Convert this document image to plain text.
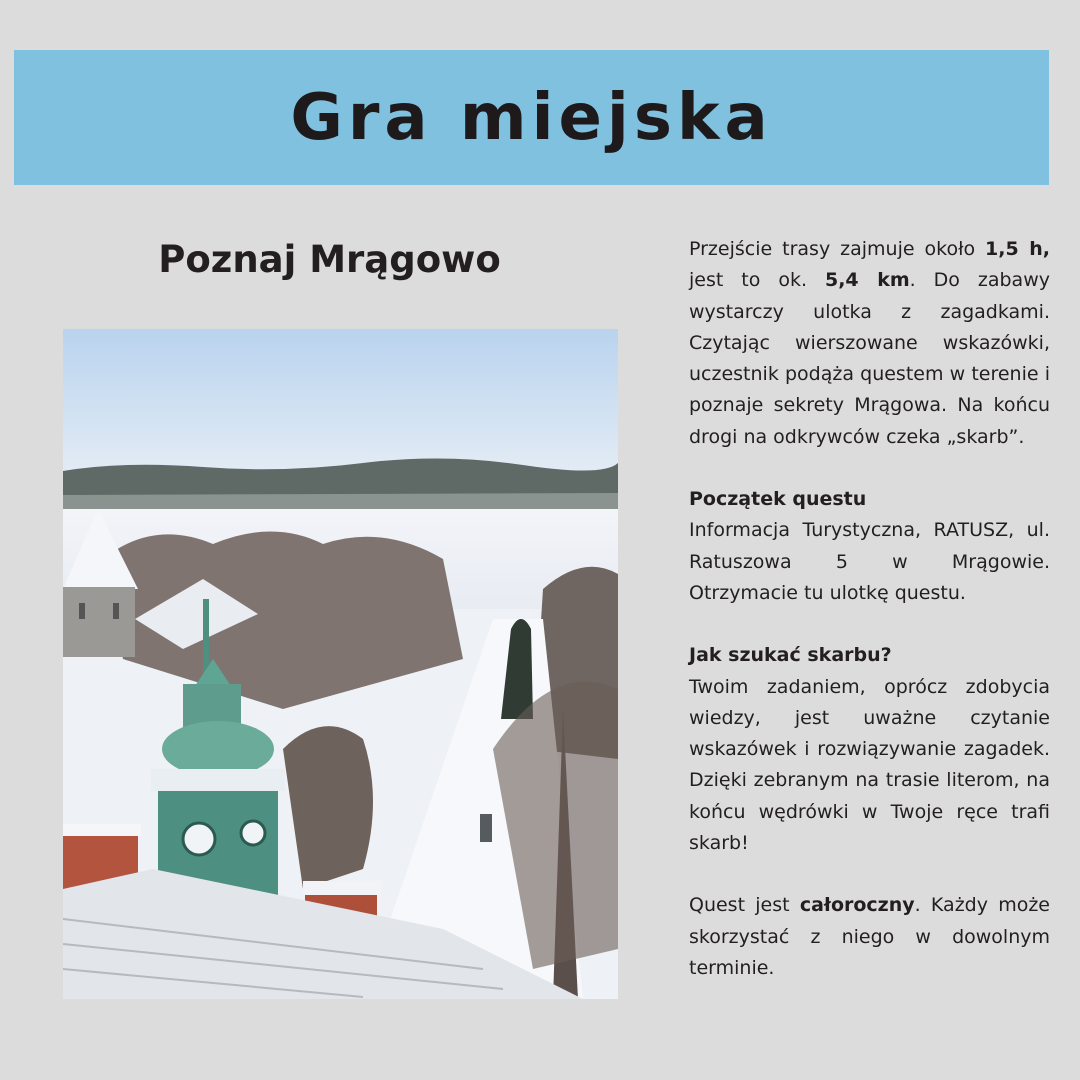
Gra miejska
Poznaj Mrągowo	Przejście trasy zajmuje około 1,5 h, jest to ok. 5,4 km. Do zabawy wystarczy ulotka z zagadkami. Czytając wierszowane wskazówki, uczestnik podąża questem w terenie i poznaje sekrety Mrągowa. Na końcu drogi na odkrywców czeka „skarb”.

Początek questu

Informacja Turystyczna, RATUSZ, ul. Ratuszowa 5 w Mrągowie. Otrzymacie tu ulotkę questu.

Jak szukać skarbu?

Twoim zadaniem, oprócz zdobycia wiedzy, jest uważne czytanie wskazówek i rozwiązywanie zagadek. Dzięki zebranym na trasie literom, na końcu wędrówki w Twoje ręce trafi skarb!

Quest jest całoroczny. Każdy może skorzystać z niego w dowolnym terminie.
